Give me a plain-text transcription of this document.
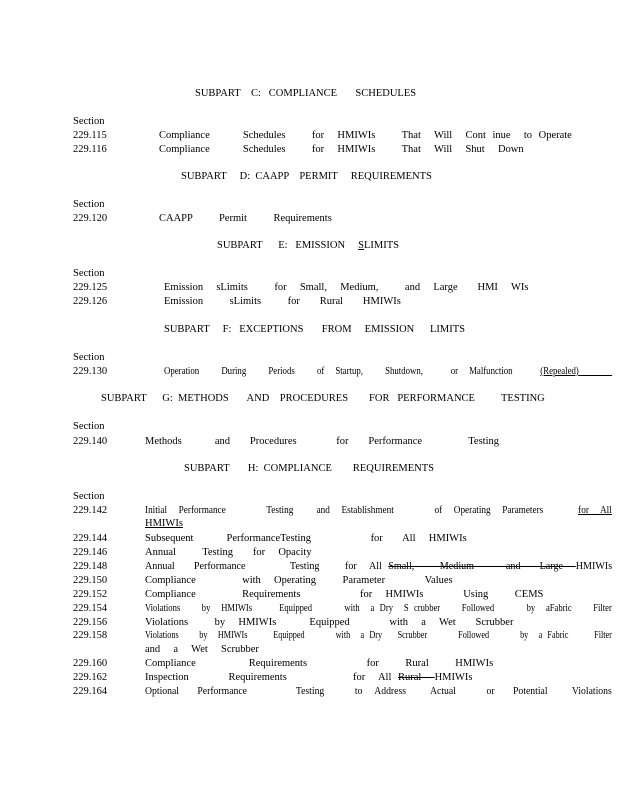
SUBPART    C:   COMPLIANCE       SCHEDULES
Section
229.115	Compliance     Schedules    for  HMIWIs    That  Will  Cont inue  to Operate
229.116	Compliance     Schedules    for  HMIWIs    That  Will  Shut  Down
SUBPART     D:  CAAPP    PERMIT     REQUIREMENTS
Section
229.120	CAAPP    Permit    Requirements
SUBPART      E:   EMISSION     SLIMITS
Section
229.125	Emission  sLimits    for  Small,  Medium,    and  Large   HMI  WIs
229.126	Emission    sLimits    for   Rural   HMIWIs
SUBPART     F:   EXCEPTIONS       FROM     EMISSION      LIMITS
Section
229.130	Operation    During    Periods    of  Startup,    Shutdown,     or  Malfunction     (Repealed)
SUBPART      G:  METHODS       AND    PROCEDURES        FOR   PERFORMANCE          TESTING
Section
229.140	Methods     and   Procedures      for   Performance       Testing
SUBPART       H:  COMPLIANCE        REQUIREMENTS
Section
229.142	Initial  Performance       Testing    and  Establishment       of  Operating  Parameters      for  All
HMIWIs
229.144	Subsequent     PerformanceTesting         for   All  HMIWIs
229.146	Annual    Testing   for  Opacity
229.148	Annual   Performance       Testing    for  All Small,    Medium     and   Large  HMIWIs
229.150	Compliance       with  Operating    Parameter      Values
229.152	Compliance       Requirements         for  HMIWIs      Using    CEMS
229.154	Violations    by  HMIWIs     Equipped      with  a Dry  S crubber    Followed      by  aFabric    Filter
229.156	Violations    by  HMIWIs     Equipped      with  a  Wet   Scrubber
229.158	Violations    by  HMIWIs     Equipped      with  a Dry   Scrubber      Followed      by  a Fabric     Filter
and  a  Wet  Scrubber
229.160	Compliance        Requirements         for    Rural    HMIWIs
229.162	Inspection      Requirements          for  All Rural  HMIWIs
229.164	Optional   Performance        Testing     to  Address    Actual     or   Potential    Violations
